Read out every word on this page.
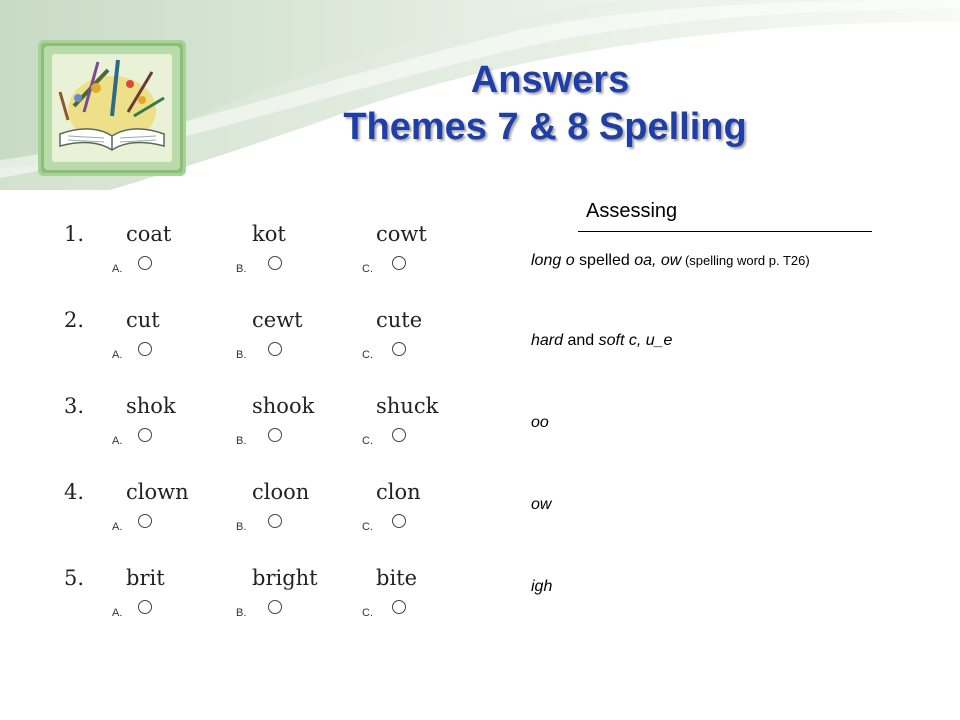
Answers
Themes 7 & 8 Spelling
Assessing
long o spelled oa, ow (spelling word p. T26)
hard and soft c, u_e
oo
ow
igh
1. coat
A.
kot
B.
cowt
C.
2. cut
A.
cewt
B.
cute
C.
3. shok
A.
shook
B.
shuck
C.
4. clown
A.
cloon
B.
clon
C.
5. brit
A.
bright
B.
bite
C.
